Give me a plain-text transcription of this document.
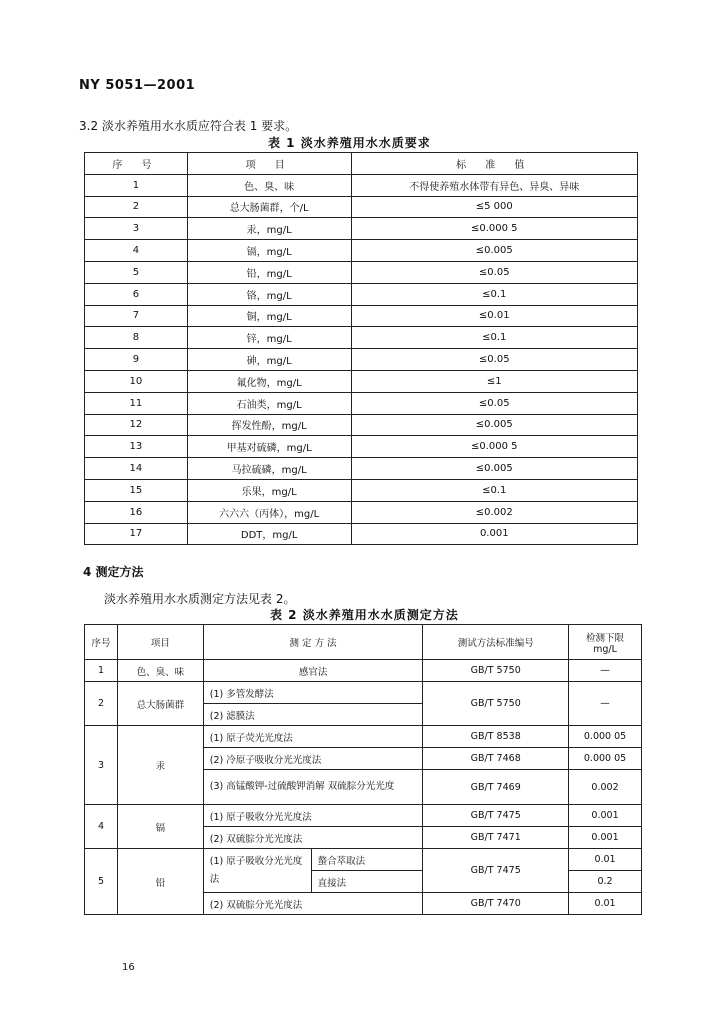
NY 5051—2001
3.2 淡水养殖用水水质应符合表 1 要求。
表 1 淡水养殖用水水质要求
序 号	项 目	标 准 值
1	色、臭、味	不得使养殖水体带有异色、异臭、异味
2	总大肠菌群，个/L	≤5 000
3	汞，mg/L	≤0.000 5
4	镉，mg/L	≤0.005
5	铅，mg/L	≤0.05
6	铬，mg/L	≤0.1
7	铜，mg/L	≤0.01
8	锌，mg/L	≤0.1
9	砷，mg/L	≤0.05
10	氟化物，mg/L	≤1
11	石油类，mg/L	≤0.05
12	挥发性酚，mg/L	≤0.005
13	甲基对硫磷，mg/L	≤0.000 5
14	马拉硫磷，mg/L	≤0.005
15	乐果，mg/L	≤0.1
16	六六六（丙体），mg/L	≤0.002
17	DDT，mg/L	0.001
4 测定方法
淡水养殖用水水质测定方法见表 2。
表 2 淡水养殖用水水质测定方法
序号	项目	测 定 方 法		测试方法标准编号	检测下限
mg/L
1	色、臭、味	感官法		GB/T 5750	—
2	总大肠菌群	(1) 多管发酵法		GB/T 5750	—
		(2) 滤膜法			
3	汞	(1) 原子荧光光度法		GB/T 8538	0.000 05
		(2) 冷原子吸收分光光度法		GB/T 7468	0.000 05
		(3) 高锰酸钾-过硫酸钾消解 双硫腙分光光度		GB/T 7469	0.002
4	镉	(1) 原子吸收分光光度法		GB/T 7475	0.001
		(2) 双硫腙分光光度法		GB/T 7471	0.001
5	铅	(1) 原子吸收分光光度法	螯合萃取法	GB/T 7475	0.01
			直接法		0.2
		(2) 双硫腙分光光度法		GB/T 7470	0.01
16
